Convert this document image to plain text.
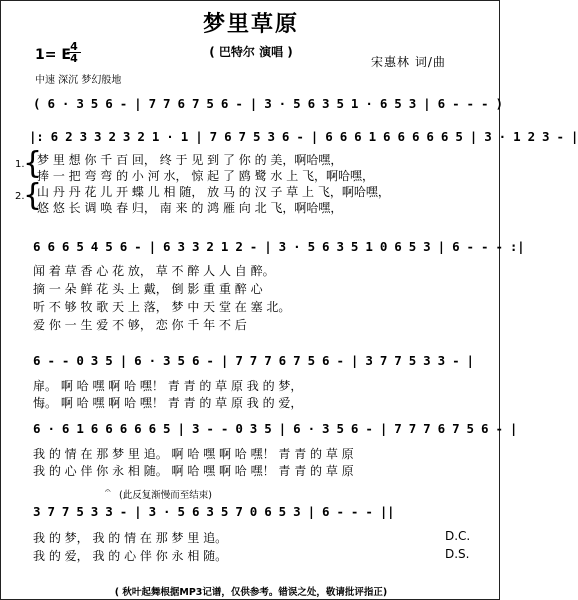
梦里草原
( 巴特尔 演唱 )
宋惠林 词/曲
1= E
4
4
中速 深沉 梦幻般地
( 6 · 3 5 6 - | 7 7 6 7 5 6 - | 3 · 5 6 3 5 1 · 6 5 3 | 6 - - - )
|: 6 2 3 3 2 3 2 1 · 1 | 7 6 7 5 3 6 - | 6 6 6 1 6 6 6 6 6 5 | 3 · 1 2 3 - |
1.
{
梦 里 想 你 千 百 回， 终 于 见 到 了 你 的 美，啊哈嘿，
捧 一 把 弯 弯 的 小 河 水， 惊 起 了 鸥 鹭 水 上 飞，啊哈嘿，
2.
{
山 丹 丹 花 儿 开 蝶 儿 相 随， 放 马 的 汉 子 草 上 飞，啊哈嘿，
悠 悠 长 调 唤 春 归， 南 来 的 鸿 雁 向 北 飞，啊哈嘿，
6 6 6 5 4 5 6 - | 6 3 3 2 1 2 - | 3 · 5 6 3 5 1 0 6 5 3 | 6 - - - :|
闻 着 草 香 心 花 放， 草 不 醉 人 人 自 醉。
摘 一 朵 鲜 花 头 上 戴， 倒 影 重 重 醉 心
听 不 够 牧 歌 天 上 落， 梦 中 天 堂 在 塞 北。
爱 你 一 生 爱 不 够， 恋 你 千 年 不 后
6 - - 0 3 5 | 6 · 3 5 6 - | 7 7 7 6 7 5 6 - | 3 7 7 5 3 3 - |
扉。 啊 哈 嘿 啊 哈 嘿！ 青 青 的 草 原 我 的 梦，
悔。 啊 哈 嘿 啊 哈 嘿！ 青 青 的 草 原 我 的 爱，
6 · 6 1 6 6 6 6 6 5 | 3 - - 0 3 5 | 6 · 3 5 6 - | 7 7 7 6 7 5 6 - |
我 的 情 在 那 梦 里 追。 啊 哈 嘿 啊 哈 嘿！ 青 青 的 草 原
我 的 心 伴 你 永 相 随。 啊 哈 嘿 啊 哈 嘿！ 青 青 的 草 原
𝄐 (此反复渐慢而至结束)
3 7 7 5 3 3 - | 3 · 5 6 3 5 7 0 6 5 3 | 6 - - - ||
我 的 梦， 我 的 情 在 那 梦 里 追。
我 的 爱， 我 的 心 伴 你 永 相 随。
D.C.
D.S.
( 秋叶起舞根据MP3记谱，仅供参考。错误之处，敬请批评指正)
